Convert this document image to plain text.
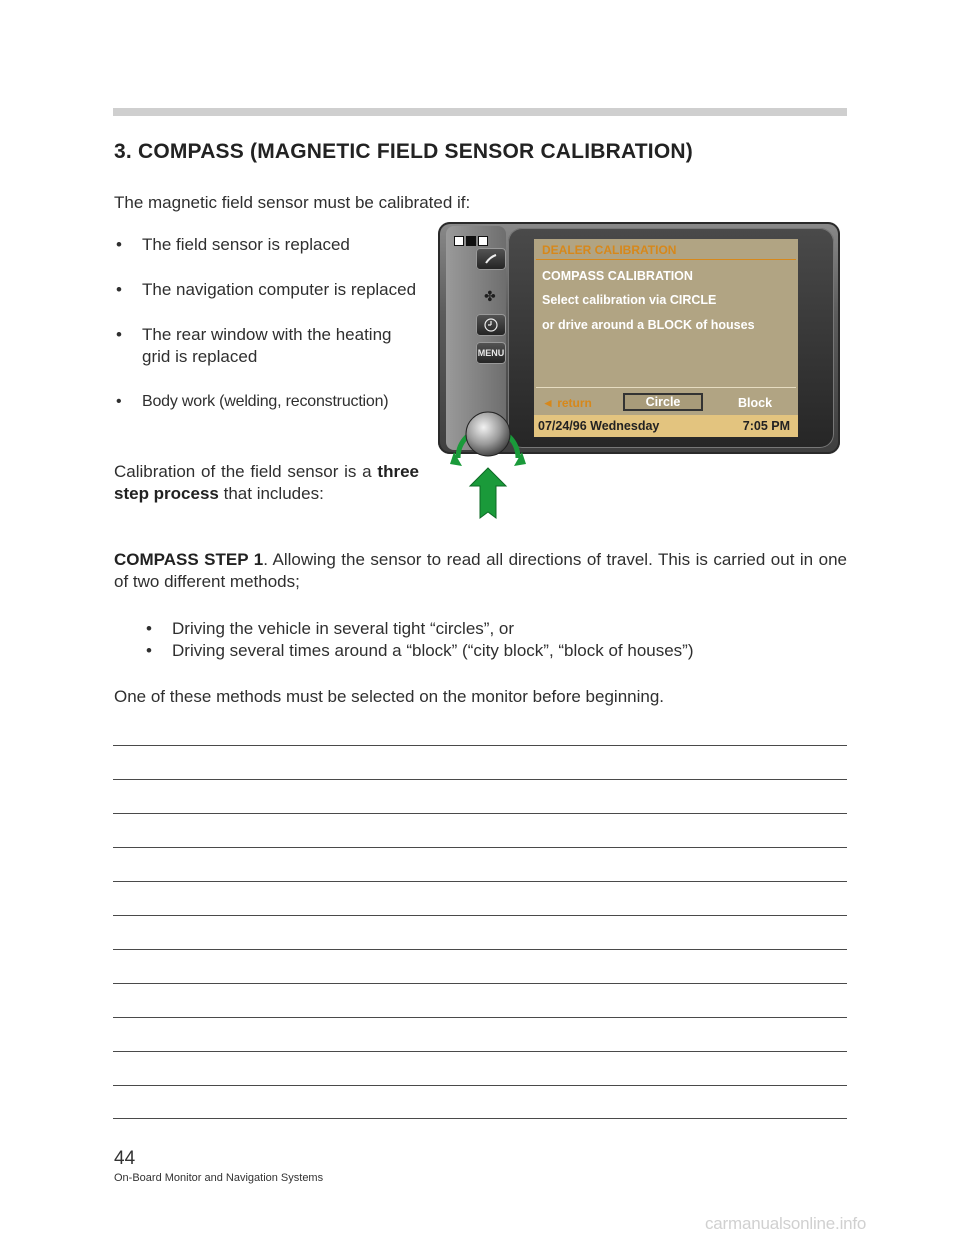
3. COMPASS (MAGNETIC FIELD SENSOR CALIBRATION)

The magnetic field sensor must be calibrated if:

• The field sensor is replaced
• The navigation computer is replaced
• The rear window with the heating grid is replaced
• Body work (welding, reconstruction)

Calibration of the field sensor is a three step process that includes:

COMPASS STEP 1. Allowing the sensor to read all directions of travel. This is carried out in one of two different methods;

• Driving the vehicle in several tight “circles”, or
• Driving several times around a “block” (“city block”, “block of houses”)

One of these methods must be selected on the monitor before beginning.

✤
MENU
DEALER CALIBRATION
COMPASS CALIBRATION
Select calibration via CIRCLE
or drive around a BLOCK of houses
◄ return	Circle	Block
07/24/96 Wednesday	7:05 PM
44
On-Board Monitor and Navigation Systems
carmanualsonline.info
